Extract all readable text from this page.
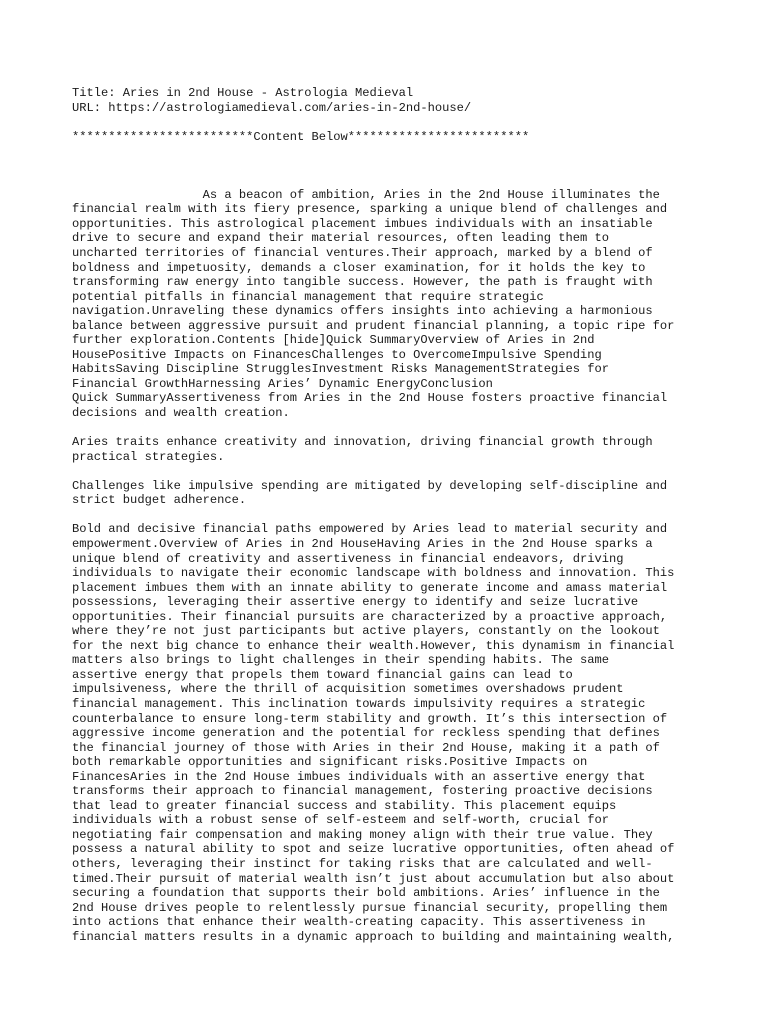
Title: Aries in 2nd House - Astrologia Medieval
URL: https://astrologiamedieval.com/aries-in-2nd-house/
*************************Content Below*************************
As a beacon of ambition, Aries in the 2nd House illuminates the
financial realm with its fiery presence, sparking a unique blend of challenges and
opportunities. This astrological placement imbues individuals with an insatiable
drive to secure and expand their material resources, often leading them to
uncharted territories of financial ventures.Their approach, marked by a blend of
boldness and impetuosity, demands a closer examination, for it holds the key to
transforming raw energy into tangible success. However, the path is fraught with
potential pitfalls in financial management that require strategic
navigation.Unraveling these dynamics offers insights into achieving a harmonious
balance between aggressive pursuit and prudent financial planning, a topic ripe for
further exploration.Contents [hide]Quick SummaryOverview of Aries in 2nd
HousePositive Impacts on FinancesChallenges to OvercomeImpulsive Spending
HabitsSaving Discipline StrugglesInvestment Risks ManagementStrategies for
Financial GrowthHarnessing Aries’ Dynamic EnergyConclusion
Quick SummaryAssertiveness from Aries in the 2nd House fosters proactive financial
decisions and wealth creation.
Aries traits enhance creativity and innovation, driving financial growth through
practical strategies.
Challenges like impulsive spending are mitigated by developing self-discipline and
strict budget adherence.
Bold and decisive financial paths empowered by Aries lead to material security and
empowerment.Overview of Aries in 2nd HouseHaving Aries in the 2nd House sparks a
unique blend of creativity and assertiveness in financial endeavors, driving
individuals to navigate their economic landscape with boldness and innovation. This
placement imbues them with an innate ability to generate income and amass material
possessions, leveraging their assertive energy to identify and seize lucrative
opportunities. Their financial pursuits are characterized by a proactive approach,
where they’re not just participants but active players, constantly on the lookout
for the next big chance to enhance their wealth.However, this dynamism in financial
matters also brings to light challenges in their spending habits. The same
assertive energy that propels them toward financial gains can lead to
impulsiveness, where the thrill of acquisition sometimes overshadows prudent
financial management. This inclination towards impulsivity requires a strategic
counterbalance to ensure long-term stability and growth. It’s this intersection of
aggressive income generation and the potential for reckless spending that defines
the financial journey of those with Aries in their 2nd House, making it a path of
both remarkable opportunities and significant risks.Positive Impacts on
FinancesAries in the 2nd House imbues individuals with an assertive energy that
transforms their approach to financial management, fostering proactive decisions
that lead to greater financial success and stability. This placement equips
individuals with a robust sense of self-esteem and self-worth, crucial for
negotiating fair compensation and making money align with their true value. They
possess a natural ability to spot and seize lucrative opportunities, often ahead of
others, leveraging their instinct for taking risks that are calculated and well-
timed.Their pursuit of material wealth isn’t just about accumulation but also about
securing a foundation that supports their bold ambitions. Aries’ influence in the
2nd House drives people to relentlessly pursue financial security, propelling them
into actions that enhance their wealth-creating capacity. This assertiveness in
financial matters results in a dynamic approach to building and maintaining wealth,
